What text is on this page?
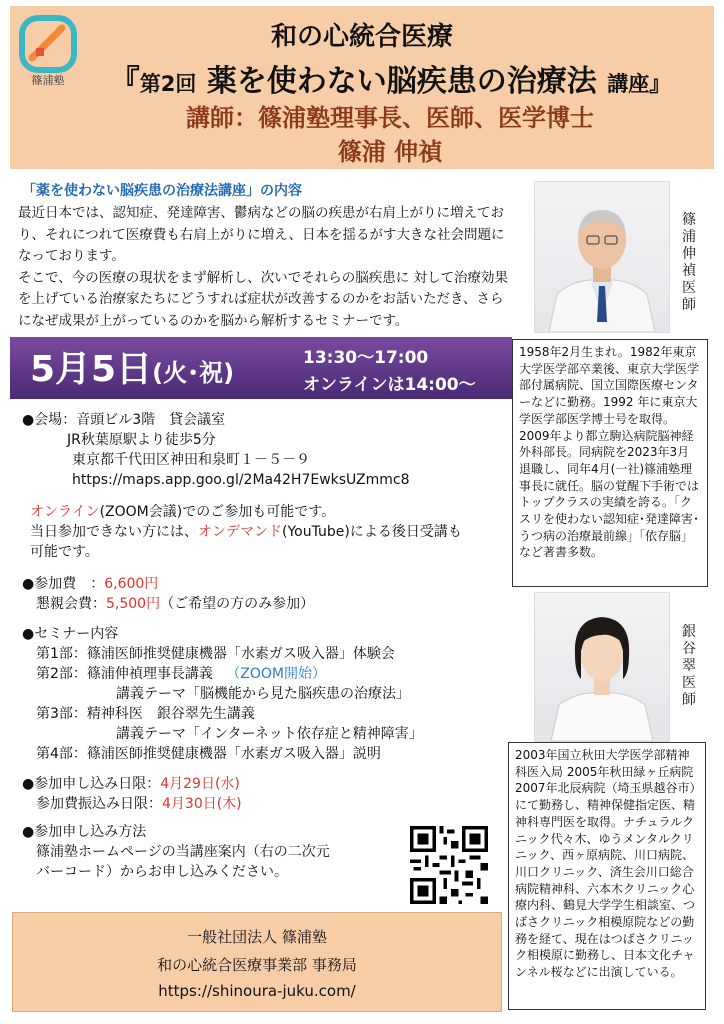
篠浦塾
和の心統合医療
『第2回 薬を使わない脳疾患の治療法 講座』
講師：篠浦塾理事長、医師、医学博士
篠浦 伸禎
「薬を使わない脳疾患の治療法講座」の内容
最近日本では、認知症、発達障害、鬱病などの脳の疾患が右肩上がりに増えており、それにつれて医療費も右肩上がりに増え、日本を揺るがす大きな社会問題になっております。
そこで、今の医療の現状をまず解析し、次いでそれらの脳疾患に 対して治療効果を上げている治療家たちにどうすれば症状が改善するのかをお話いただき、さらになぜ成果が上がっているのかを脳から解析するセミナーです。
篠浦伸禎医師
5月5日(火･祝)
13:30～17:00
オンラインは14:00～
1958年2月生まれ。1982年東京大学医学部卒業後、東京大学医学部付属病院、国立国際医療センターなどに勤務。1992 年に東京大学医学部医学博士号を取得。2009年より都立駒込病院脳神経外科部長。同病院を2023年3月退職し、同年4月(一社)篠浦塾理事長に就任。脳の覚醒下手術ではトップクラスの実績を誇る。「クスリを使わない認知症･発達障害･うつ病の治療最前線」「依存脳」など著書多数。
●会場：音頭ビル3階　貸会議室
JR秋葉原駅より徒歩5分
東京都千代田区神田和泉町１－５－９
https://maps.app.goo.gl/2Ma42H7EwksUZmmc8
オンライン(ZOOM会議)でのご参加も可能です。
当日参加できない方には、オンデマンド(YouTube)による後日受講も
可能です。
●参加費　：6,600円
懇親会費：5,500円（ご希望の方のみ参加）
●セミナー内容
第1部：篠浦医師推奨健康機器「水素ガス吸入器」体験会
第2部：篠浦伸禎理事長講義 （ZOOM開始）
講義テーマ「脳機能から見た脳疾患の治療法」
第3部：精神科医　銀谷翠先生講義
講義テーマ「インターネット依存症と精神障害」
第4部：篠浦医師推奨健康機器「水素ガス吸入器」説明
●参加申し込み日限：4月29日(水)
参加費振込み日限：4月30日(木)
●参加申し込み方法
篠浦塾ホームページの当講座案内（右の二次元
バーコード）からお申し込みください。
一般社団法人 篠浦塾
和の心統合医療事業部 事務局
https://shinoura-juku.com/
銀谷翠医師
2003年国立秋田大学医学部精神科医入局 2005年秋田緑ヶ丘病院 2007年北辰病院（埼玉県越谷市）にて勤務し、精神保健指定医、精神科専門医を取得。ナチュラルクニック代々木、ゆうメンタルクリニック、西ヶ原病院、川口病院、川口クリニック、済生会川口総合病院精神科、六本木クリニック心療内科、鶴見大学学生相談室、つばさクリニック相模原院などの勤務を経て、現在はつばさクリニック相模原に勤務し、日本文化チャンネル桜などに出演している。
